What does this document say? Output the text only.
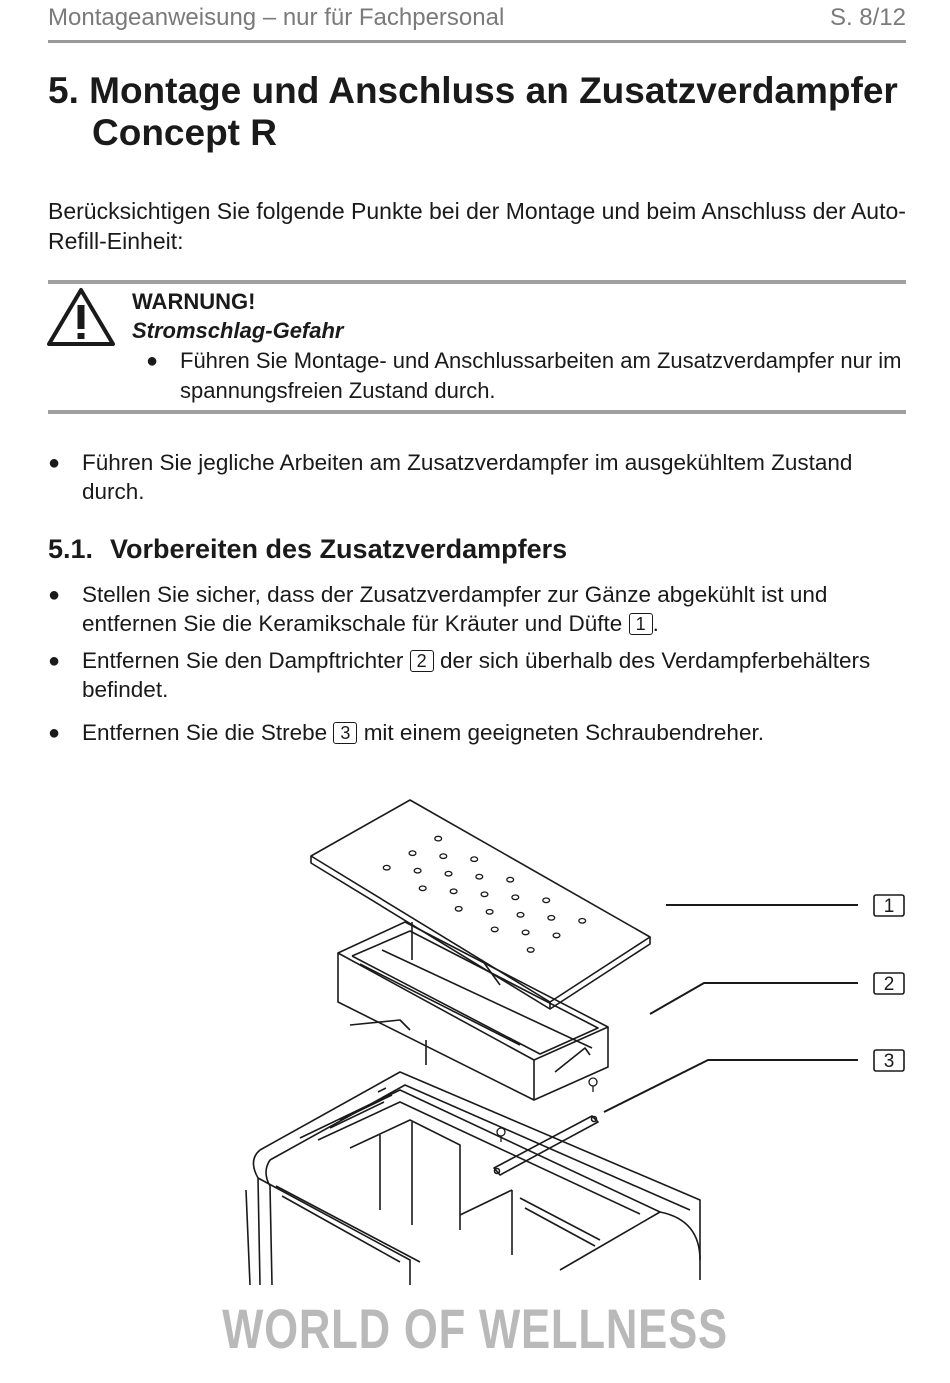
Montageanweisung – nur für Fachpersonal	S. 8/12
5. Montage und Anschluss an Zusatzverdampfer
Concept R
Berücksichtigen Sie folgende Punkte bei der Montage und beim Anschluss der Auto-Refill-Einheit:
WARNUNG!
Stromschlag-Gefahr
● Führen Sie Montage- und Anschlussarbeiten am Zusatzverdampfer nur im spannungsfreien Zustand durch.
● Führen Sie jegliche Arbeiten am Zusatzverdampfer im ausgekühltem Zustand durch.
5.1. Vorbereiten des Zusatzverdampfers
● Stellen Sie sicher, dass der Zusatzverdampfer zur Gänze abgekühlt ist und entfernen Sie die Keramikschale für Kräuter und Düfte 1 .
● Entfernen Sie den Dampftrichter 2 der sich überhalb des Verdampferbehälters befindet.
● Entfernen Sie die Strebe 3 mit einem geeigneten Schraubendreher.
1
2
3
WORLD OF WELLNESS
